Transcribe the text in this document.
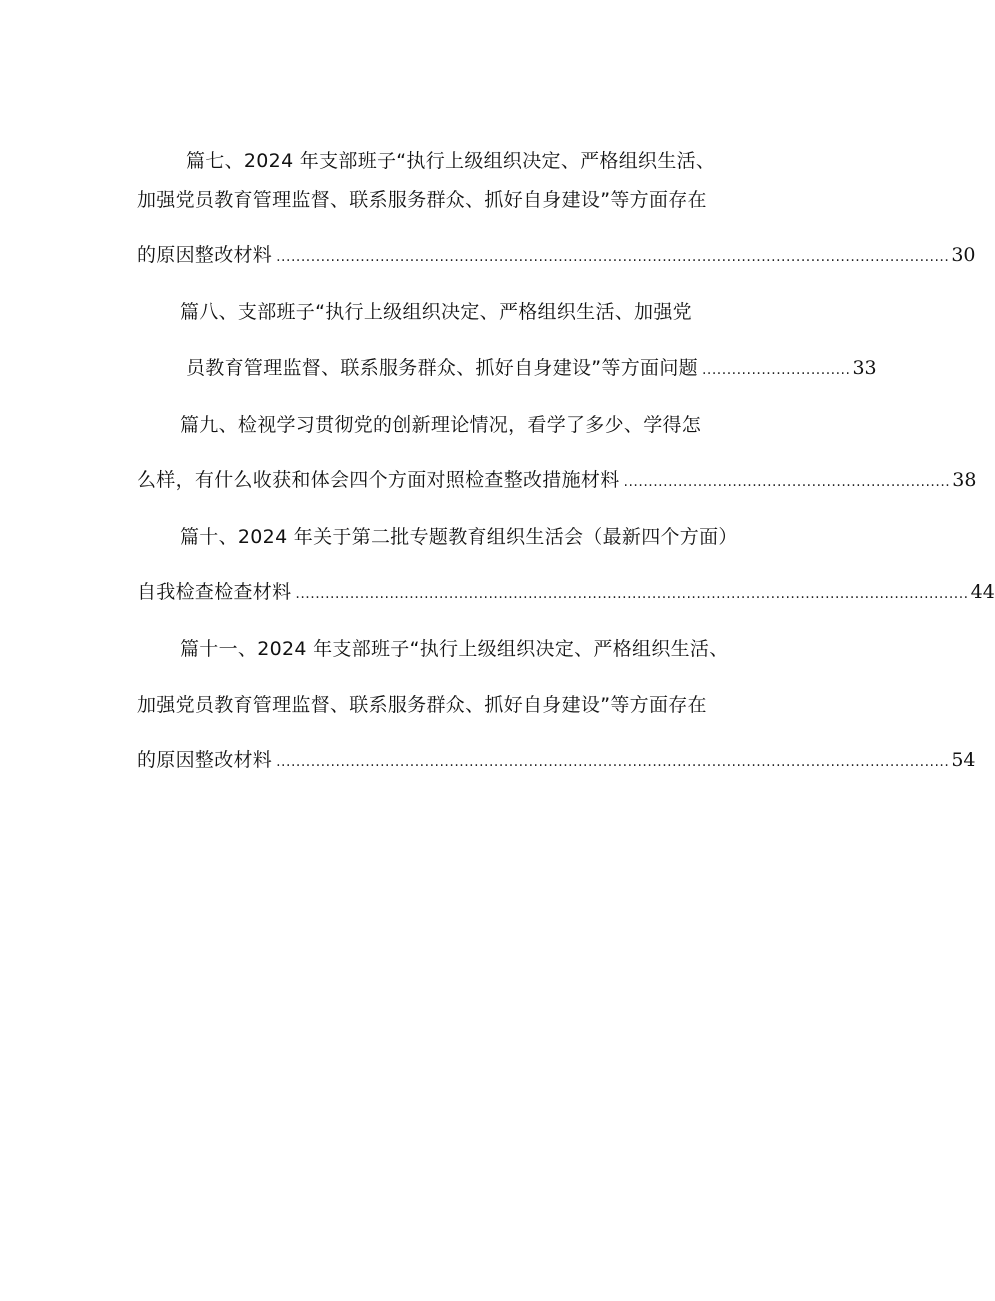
篇七、2024 年支部班子“执行上级组织决定、严格组织生活、
加强党员教育管理监督、联系服务群众、抓好自身建设”等方面存在
的原因整改材料 ........................................................................................................................................ 30
篇八、支部班子“执行上级组织决定、严格组织生活、加强党
员教育管理监督、联系服务群众、抓好自身建设”等方面问题 .............................. 33
篇九、检视学习贯彻党的创新理论情况，看学了多少、学得怎
么样，有什么收获和体会四个方面对照检查整改措施材料 .................................................................. 38
篇十、2024 年关于第二批专题教育组织生活会（最新四个方面）
自我检查检查材料 ........................................................................................................................................ 44
篇十一、2024 年支部班子“执行上级组织决定、严格组织生活、
加强党员教育管理监督、联系服务群众、抓好自身建设”等方面存在
的原因整改材料 ........................................................................................................................................ 54
